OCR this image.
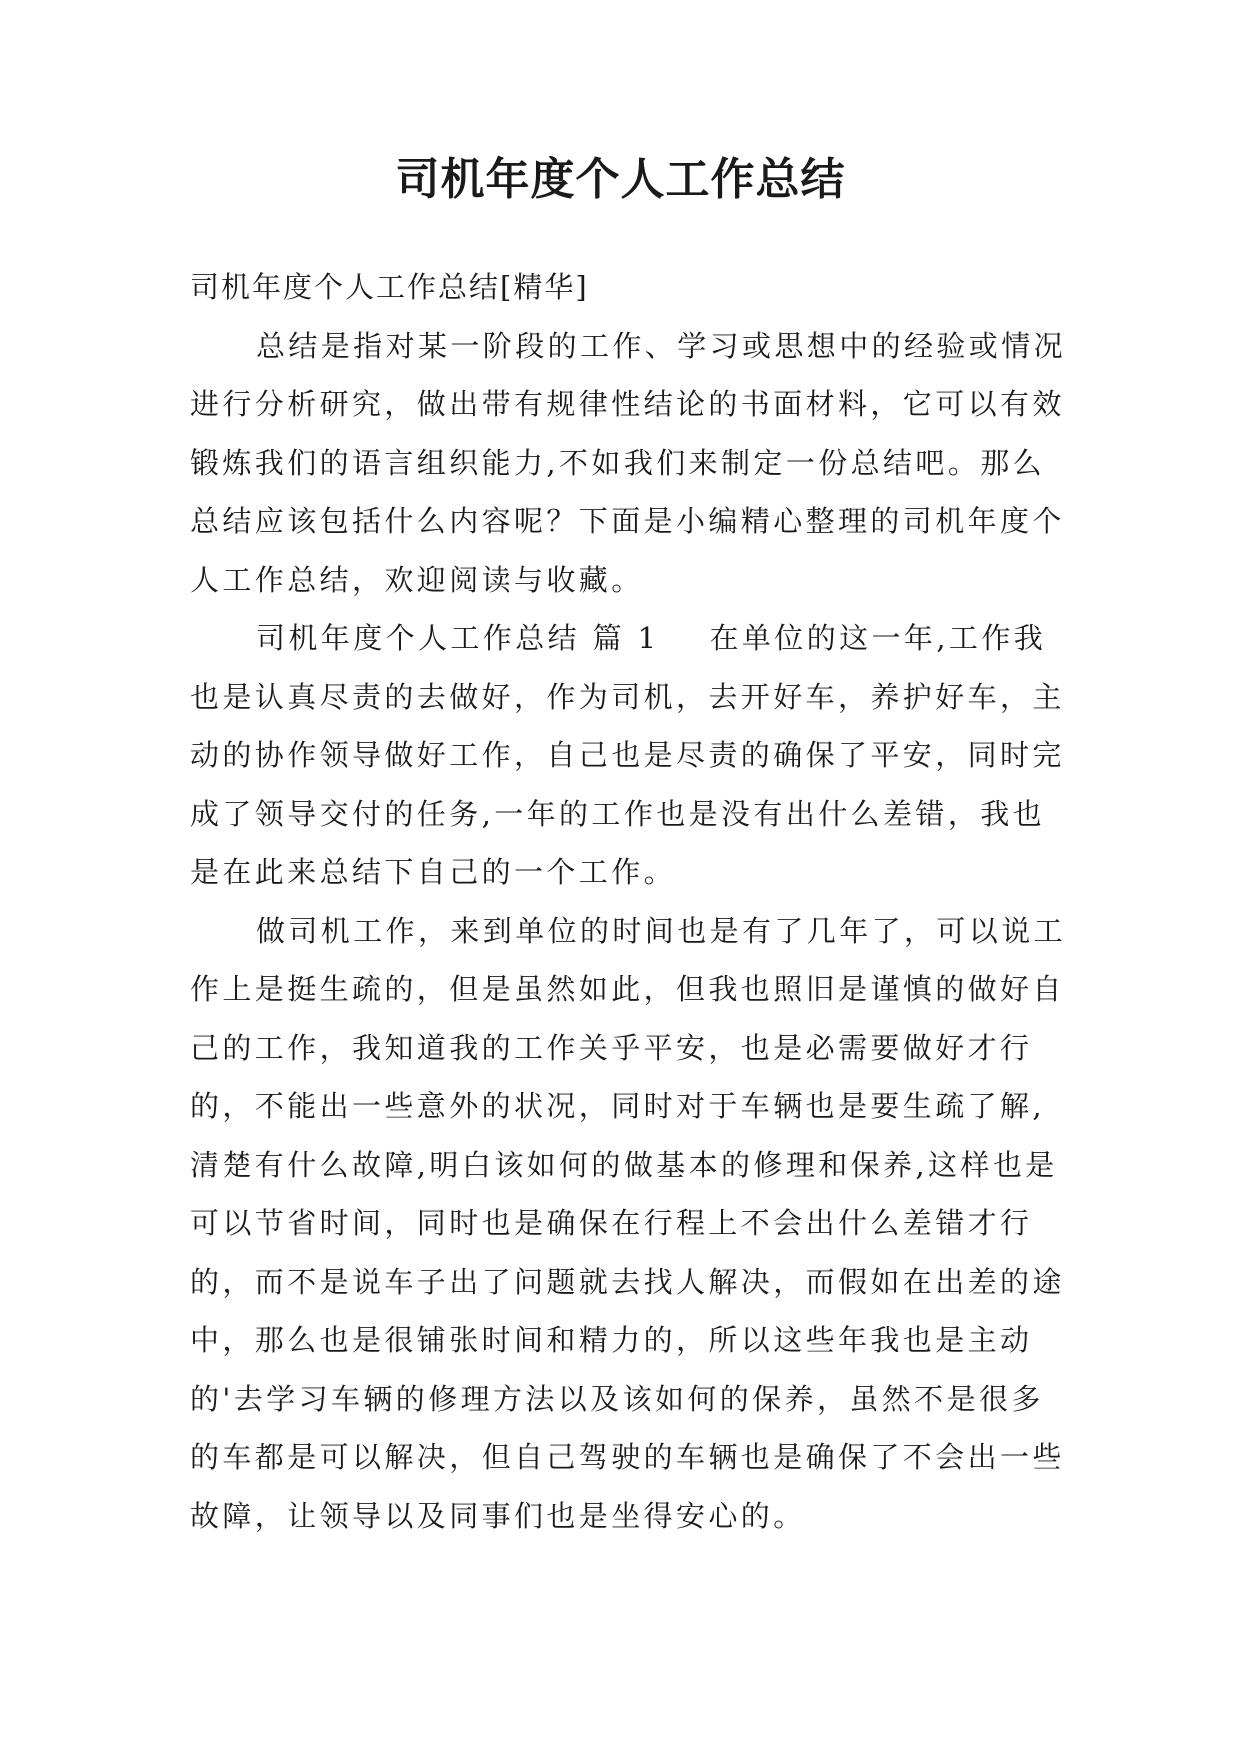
司机年度个人工作总结

司机年度个人工作总结[精华]

总结是指对某一阶段的工作、学习或思想中的经验或情况进行分析研究，做出带有规律性结论的书面材料，它可以有效锻炼我们的语言组织能力,不如我们来制定一份总结吧。那么总结应该包括什么内容呢？下面是小编精心整理的司机年度个人工作总结，欢迎阅读与收藏。

司机年度个人工作总结 篇 1 在单位的这一年,工作我也是认真尽责的去做好，作为司机，去开好车，养护好车，主动的协作领导做好工作，自己也是尽责的确保了平安，同时完成了领导交付的任务,一年的工作也是没有出什么差错，我也是在此来总结下自己的一个工作。

做司机工作，来到单位的时间也是有了几年了，可以说工作上是挺生疏的，但是虽然如此，但我也照旧是谨慎的做好自己的工作，我知道我的工作关乎平安，也是必需要做好才行的，不能出一些意外的状况，同时对于车辆也是要生疏了解,清楚有什么故障,明白该如何的做基本的修理和保养,这样也是可以节省时间，同时也是确保在行程上不会出什么差错才行的，而不是说车子出了问题就去找人解决，而假如在出差的途中，那么也是很铺张时间和精力的，所以这些年我也是主动的'去学习车辆的修理方法以及该如何的保养，虽然不是很多的车都是可以解决，但自己驾驶的车辆也是确保了不会出一些故障，让领导以及同事们也是坐得安心的。
